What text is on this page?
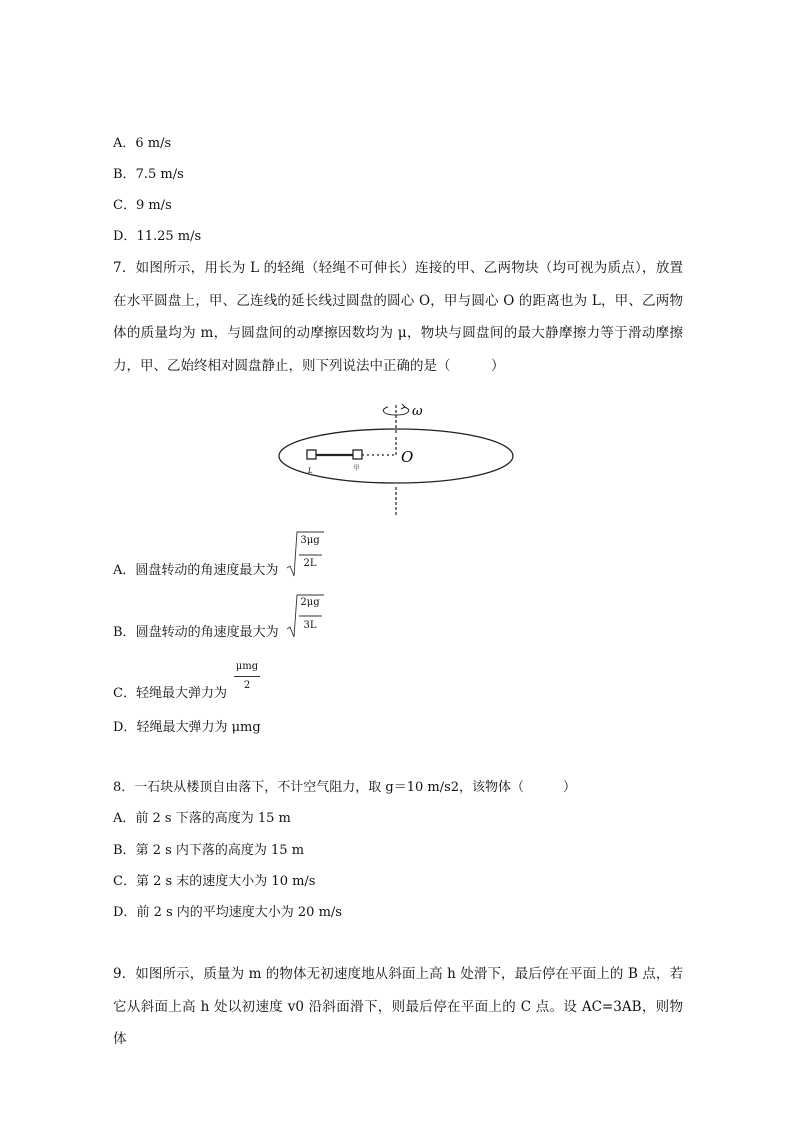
A．6 m/s
B．7.5 m/s
C．9 m/s
D．11.25 m/s
7．如图所示，用长为 L 的轻绳（轻绳不可伸长）连接的甲、乙两物块（均可视为质点），放置在水平圆盘上，甲、乙连线的延长线过圆盘的圆心 O，甲与圆心 O 的距离也为 L，甲、乙两物体的质量均为 m，与圆盘间的动摩擦因数均为 μ，物块与圆盘间的最大静摩擦力等于滑动摩擦力，甲、乙始终相对圆盘静止，则下列说法中正确的是（　　　）
ω
O
L	甲
A．圆盘转动的角速度最大为
3μg
2L
B．圆盘转动的角速度最大为
2μg
3L
C．轻绳最大弹力为
μmg
2
D．轻绳最大弹力为 μmg
8．一石块从楼顶自由落下，不计空气阻力，取 g＝10 m/s2，该物体（　　　）
A．前 2 s 下落的高度为 15 m
B．第 2 s 内下落的高度为 15 m
C．第 2 s 末的速度大小为 10 m/s
D．前 2 s 内的平均速度大小为 20 m/s
9．如图所示，质量为 m 的物体无初速度地从斜面上高 h 处滑下，最后停在平面上的 B 点，若它从斜面上高 h 处以初速度 v0 沿斜面滑下，则最后停在平面上的 C 点。设 AC=3AB，则物体
